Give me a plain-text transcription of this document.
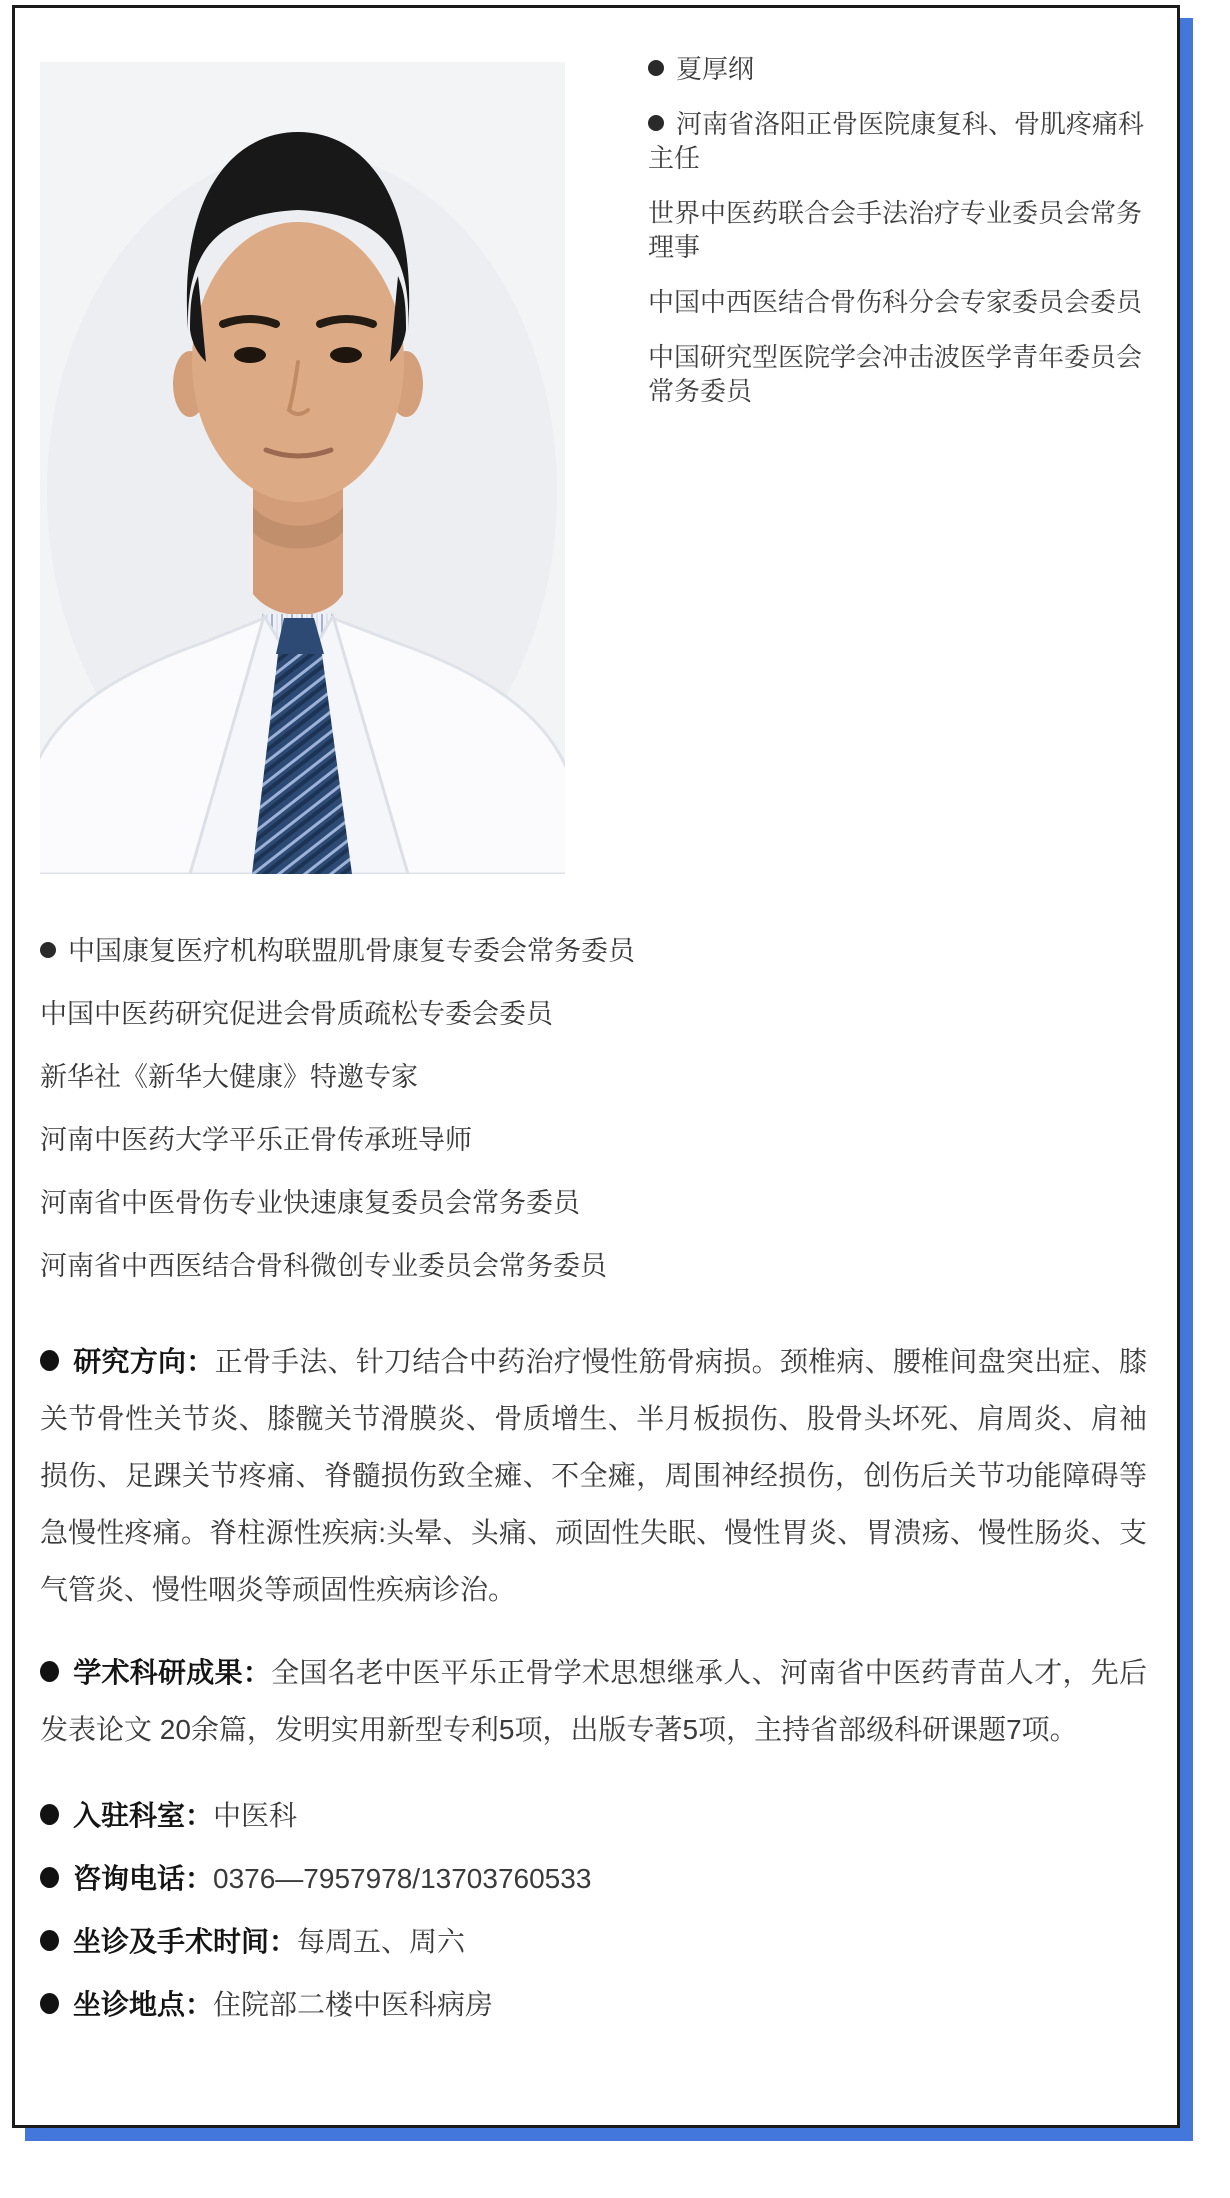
夏厚纲

河南省洛阳正骨医院康复科、骨肌疼痛科主任

世界中医药联合会手法治疗专业委员会常务理事

中国中西医结合骨伤科分会专家委员会委员

中国研究型医院学会冲击波医学青年委员会常务委员

中国康复医疗机构联盟肌骨康复专委会常务委员

中国中医药研究促进会骨质疏松专委会委员

新华社《新华大健康》特邀专家

河南中医药大学平乐正骨传承班导师

河南省中医骨伤专业快速康复委员会常务委员

河南省中西医结合骨科微创专业委员会常务委员

研究方向：正骨手法、针刀结合中药治疗慢性筋骨病损。颈椎病、腰椎间盘突出症、膝关节骨性关节炎、膝髋关节滑膜炎、骨质增生、半月板损伤、股骨头坏死、肩周炎、肩袖损伤、足踝关节疼痛、脊髓损伤致全瘫、不全瘫，周围神经损伤，创伤后关节功能障碍等急慢性疼痛。脊柱源性疾病:头晕、头痛、顽固性失眠、慢性胃炎、胃溃疡、慢性肠炎、支气管炎、慢性咽炎等顽固性疾病诊治。

学术科研成果：全国名老中医平乐正骨学术思想继承人、河南省中医药青苗人才，先后发表论文 20余篇，发明实用新型专利5项，出版专著5项，主持省部级科研课题7项。

入驻科室：中医科

咨询电话：0376—7957978/13703760533

坐诊及手术时间：每周五、周六

坐诊地点：住院部二楼中医科病房
